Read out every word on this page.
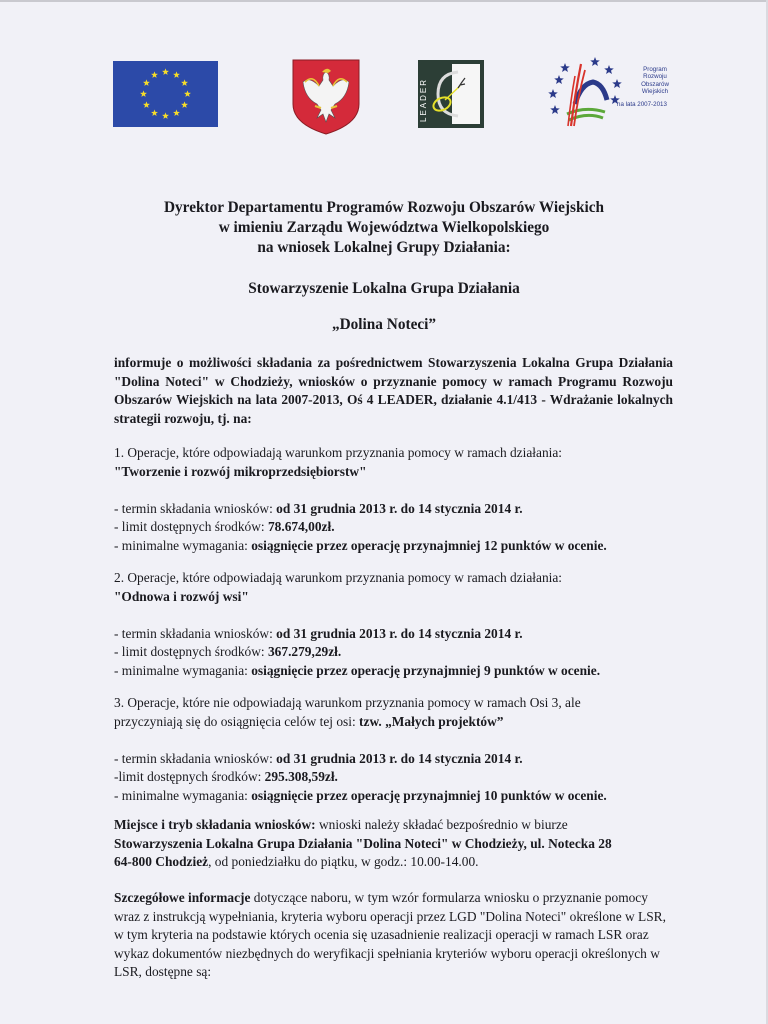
LEADER
Program
Rozwoju
Obszarów
Wiejskich
na lata 2007-2013
Dyrektor Departamentu Programów Rozwoju Obszarów Wiejskich
w imieniu Zarządu Województwa Wielkopolskiego
na wniosek Lokalnej Grupy Działania:
Stowarzyszenie Lokalna Grupa Działania
„Dolina Noteci”

informuje o możliwości składania za pośrednictwem Stowarzyszenia Lokalna Grupa Działania "Dolina Noteci" w Chodzieży, wniosków o przyznanie pomocy w ramach Programu Rozwoju Obszarów Wiejskich na lata 2007-2013, Oś 4 LEADER, działanie 4.1/413 - Wdrażanie lokalnych strategii rozwoju, tj. na:

1. Operacje, które odpowiadają warunkom przyznania pomocy w ramach działania:

"Tworzenie i rozwój mikroprzedsiębiorstw"

- termin składania wniosków: od 31 grudnia 2013 r. do 14 stycznia 2014 r.

- limit dostępnych środków: 78.674,00zł.

- minimalne wymagania: osiągnięcie przez operację przynajmniej 12 punktów w ocenie.

2. Operacje, które odpowiadają warunkom przyznania pomocy w ramach działania:

"Odnowa i rozwój wsi"

- termin składania wniosków: od 31 grudnia 2013 r. do 14 stycznia 2014 r.

- limit dostępnych środków: 367.279,29zł.

- minimalne wymagania: osiągnięcie przez operację przynajmniej 9 punktów w ocenie.

3. Operacje, które nie odpowiadają warunkom przyznania pomocy w ramach Osi 3, ale

przyczyniają się do osiągnięcia celów tej osi: tzw. „Małych projektów”

- termin składania wniosków: od 31 grudnia 2013 r. do 14 stycznia 2014 r.

-limit dostępnych środków: 295.308,59zł.

- minimalne wymagania: osiągnięcie przez operację przynajmniej 10 punktów w ocenie.

Miejsce i tryb składania wniosków: wnioski należy składać bezpośrednio w biurze

Stowarzyszenia Lokalna Grupa Działania "Dolina Noteci" w Chodzieży, ul. Notecka 28

64-800 Chodzież, od poniedziałku do piątku, w godz.: 10.00-14.00.

Szczegółowe informacje dotyczące naboru, w tym wzór formularza wniosku o przyznanie pomocy wraz z instrukcją wypełniania, kryteria wyboru operacji przez LGD "Dolina Noteci" określone w LSR, w tym kryteria na podstawie których ocenia się uzasadnienie realizacji operacji w ramach LSR oraz wykaz dokumentów niezbędnych do weryfikacji spełniania kryteriów wyboru operacji określonych w LSR, dostępne są:
